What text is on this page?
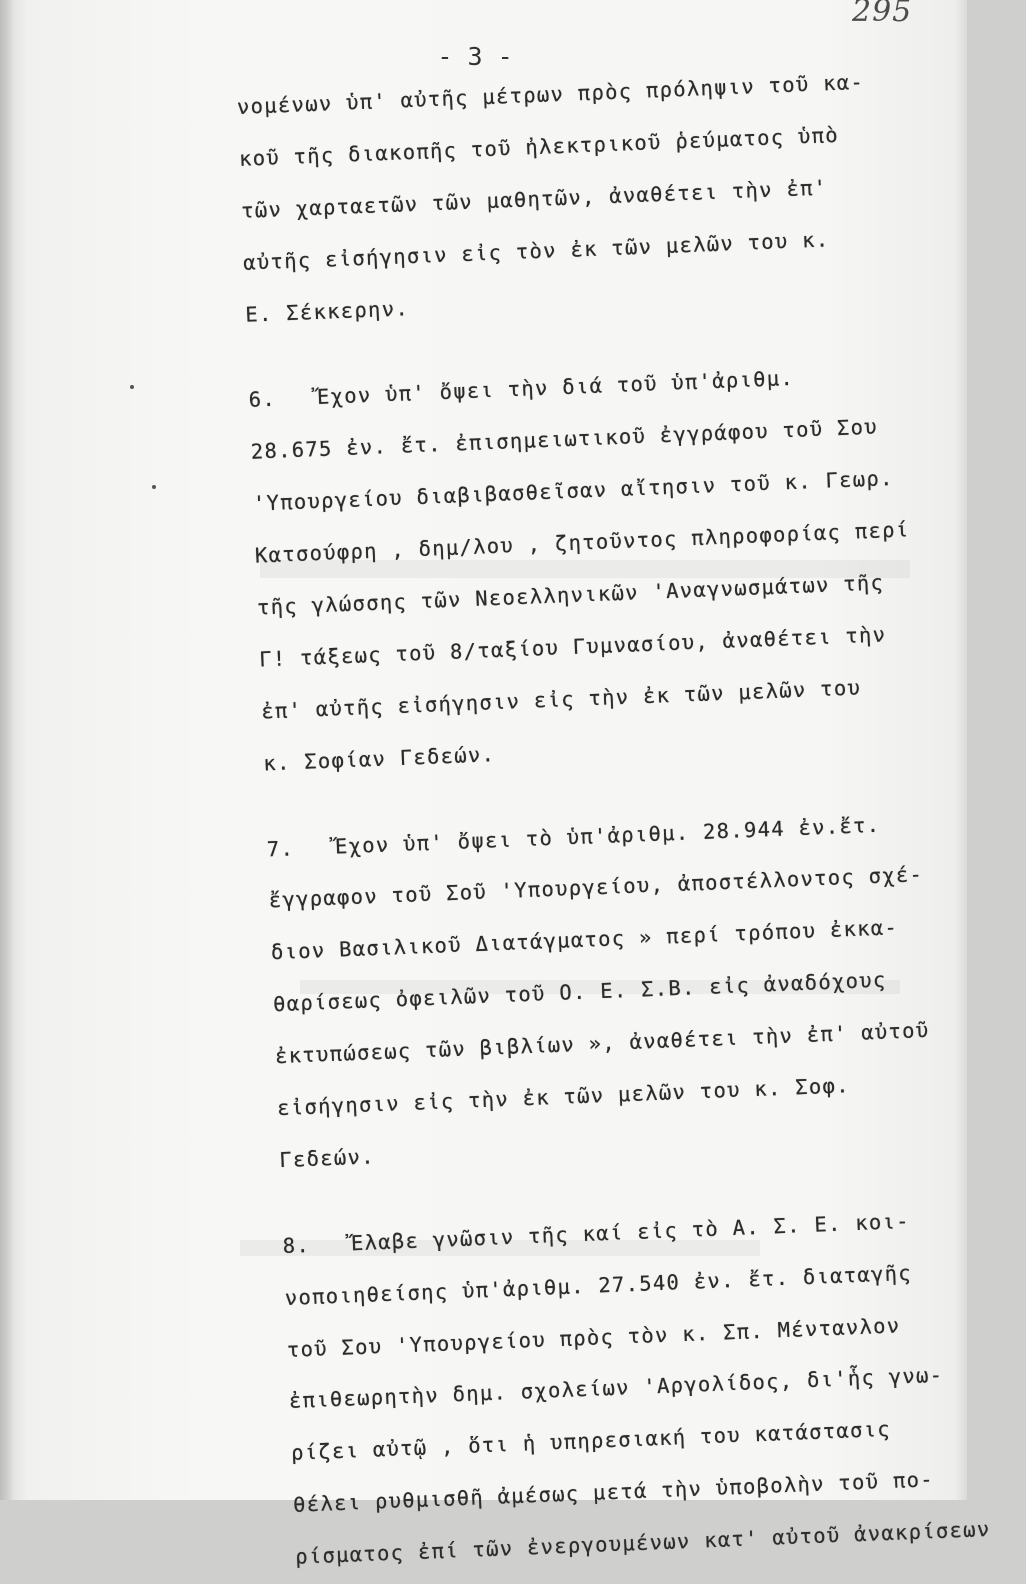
295
- 3 -
νομένων ὑπ' αὐτῆς μέτρων πρὸς πρόληψιν τοῦ κα-
κοῦ τῆς διακοπῆς τοῦ ἠλεκτρικοῦ ῥεύματος ὑπὸ
τῶν χαρταετῶν τῶν μαθητῶν, ἀναθέτει τὴν ἐπ'
αὐτῆς εἰσήγησιν εἰς τὸν ἐκ τῶν μελῶν του κ.
Ε. Σέκκερην.
6.   Ἔχον ὑπ' ὄψει τὴν διά τοῦ ὑπ'ἀριθμ.
28.675 ἐν. ἔτ. ἐπισημειωτικοῦ ἐγγράφου τοῦ Σου
'Υπουργείου διαβιβασθεῖσαν αἴτησιν τοῦ κ. Γεωρ.
Κατσούφρη , δημ/λου , ζητοῦντος πληροφορίας περί
τῆς γλώσσης τῶν Νεοελληνικῶν 'Αναγνωσμάτων τῆς
Γ! τάξεως τοῦ 8/ταξίου Γυμνασίου, ἀναθέτει τὴν
ἐπ' αὐτῆς εἰσήγησιν εἰς τὴν ἐκ τῶν μελῶν του
κ. Σοφίαν Γεδεών.
7.   Ἔχον ὑπ' ὄψει τὸ ὑπ'ἀριθμ. 28.944 ἐν.ἔτ.
ἔγγραφον τοῦ Σοῦ 'Υπουργείου, ἀποστέλλοντος σχέ-
διον Βασιλικοῦ Διατάγματος » περί τρόπου ἐκκα-
θαρίσεως ὀφειλῶν τοῦ Ο. Ε. Σ.Β. εἰς ἀναδόχους
ἐκτυπώσεως τῶν βιβλίων », ἀναθέτει τὴν ἐπ' αὐτοῦ
εἰσήγησιν εἰς τὴν ἐκ τῶν μελῶν του κ. Σοφ.
Γεδεών.
8.   Ἔλαβε γνῶσιν τῆς καί εἰς τὸ Α. Σ. Ε. κοι-
νοποιηθείσης ὑπ'ἀριθμ. 27.540 ἐν. ἔτ. διαταγῆς
τοῦ Σου 'Υπουργείου πρὸς τὸν κ. Σπ. Μέντανλον
ἐπιθεωρητὴν δημ. σχολείων 'Αργολίδος, δι'ἧς γνω-
ρίζει αὐτῷ , ὅτι ἡ υπηρεσιακή του κατάστασις
θέλει ρυθμισθῆ ἀμέσως μετά τὴν ὑποβολὴν τοῦ πο-
ρίσματος ἐπί τῶν ἐνεργουμένων κατ' αὐτοῦ ἀνακρίσεων
